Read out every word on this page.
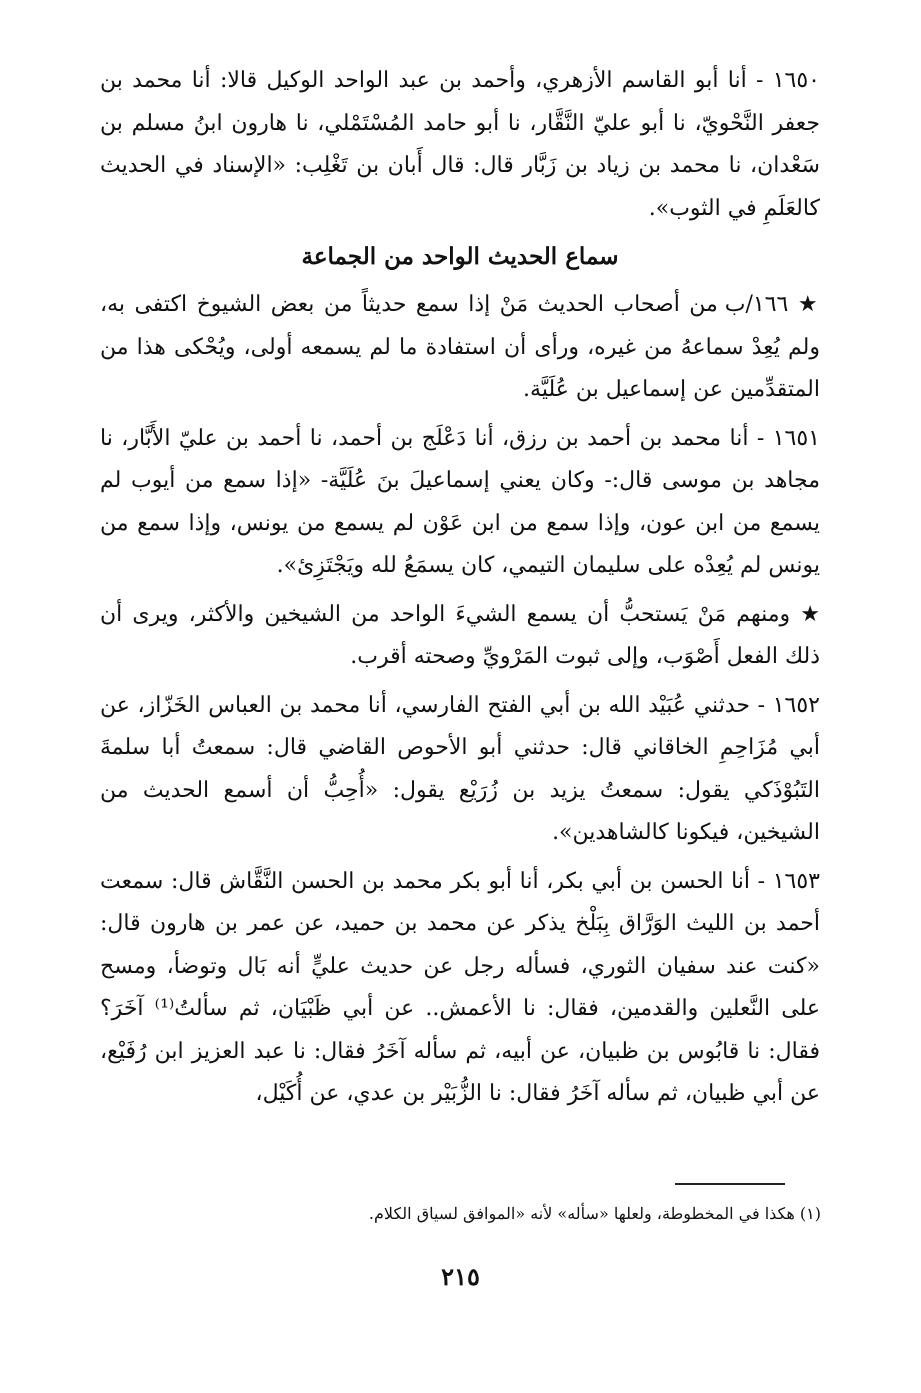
١٦٥٠ - أنا أبو القاسم الأزهري، وأحمد بن عبد الواحد الوكيل قالا: أنا محمد بن جعفر النَّحْويّ، نا أبو عليّ النَّقَّار، نا أبو حامد المُسْتَمْلي، نا هارون ابنُ مسلم بن سَعْدان، نا محمد بن زياد بن زَبَّار قال: قال أَبان بن تَغْلِب: «الإسناد في الحديث كالعَلَمِ في الثوب».

سماع الحديث الواحد من الجماعة

★ ١٦٦/ب من أصحاب الحديث مَنْ إذا سمع حديثاً من بعض الشيوخ اكتفى به، ولم يُعِدْ سماعهُ من غيره، ورأى أن استفادة ما لم يسمعه أولى، ويُحْكى هذا من المتقدِّمين عن إسماعيل بن عُلَيَّة.

١٦٥١ - أنا محمد بن أحمد بن رزق، أنا دَعْلَج بن أحمد، نا أحمد بن عليّ الأَبَّار، نا مجاهد بن موسى قال:- وكان يعني إسماعيلَ بنَ عُلَيَّة- «إذا سمع من أيوب لم يسمع من ابن عون، وإذا سمع من ابن عَوْن لم يسمع من يونس، وإذا سمع من يونس لم يُعِدْه على سليمان التيمي، كان يسمَعُ لله ويَجْتَزِئ».

★ ومنهم مَنْ يَستحبُّ أن يسمع الشيءَ الواحد من الشيخين والأكثر، ويرى أن ذلك الفعل أَصْوَب، وإلى ثبوت المَرْويِّ وصحته أقرب.

١٦٥٢ - حدثني عُبَيْد الله بن أبي الفتح الفارسي، أنا محمد بن العباس الخَزّاز، عن أبي مُزَاحِمِ الخاقاني قال: حدثني أبو الأحوص القاضي قال: سمعتُ أبا سلمةَ التَبُوْذَكي يقول: سمعتُ يزيد بن زُرَيْع يقول: «أُحِبُّ أن أسمع الحديث من الشيخين، فيكونا كالشاهدين».

١٦٥٣ - أنا الحسن بن أبي بكر، أنا أبو بكر محمد بن الحسن النَّقَّاش قال: سمعت أحمد بن الليث الوَرَّاق بِبَلْخ يذكر عن محمد بن حميد، عن عمر بن هارون قال: «كنت عند سفيان الثوري، فسأله رجل عن حديث عليٍّ أنه بَال وتوضأ، ومسح على النَّعلين والقدمين، فقال: نا الأعمش.. عن أبي ظَبْيَان، ثم سألتُ⁽¹⁾ آخَرَ؟ فقال: نا قابُوس بن ظبيان، عن أبيه، ثم سأله آخَرُ فقال: نا عبد العزيز ابن رُفَيْع، عن أبي ظبيان، ثم سأله آخَرُ فقال: نا الزُّبَيْر بن عدي، عن أُكَيْل،

(١) هكذا في المخطوطة، ولعلها «سأله» لأنه «الموافق لسياق الكلام.
٢١٥
